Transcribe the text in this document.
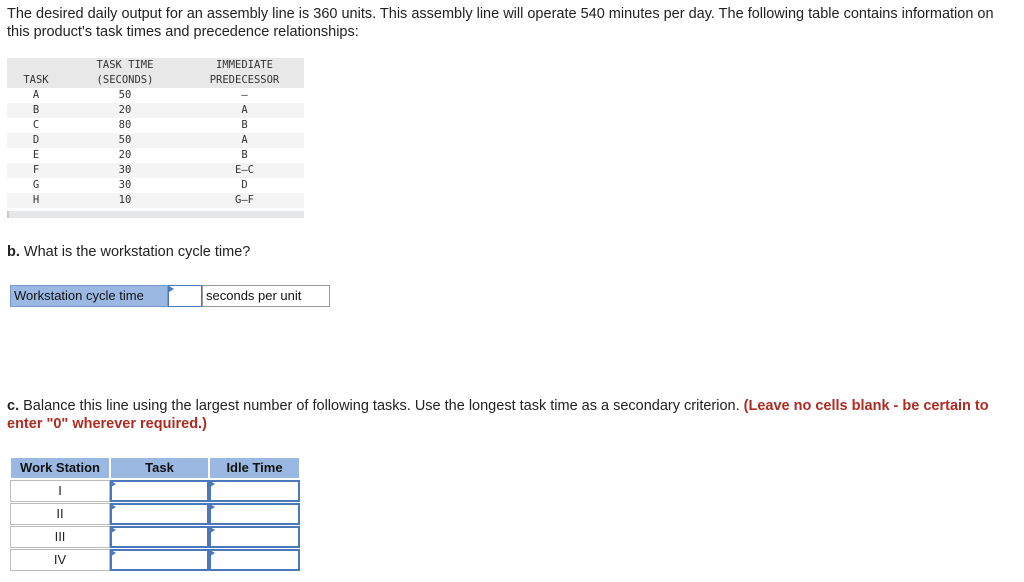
The desired daily output for an assembly line is 360 units. This assembly line will operate 540 minutes per day. The following table contains information on this product's task times and precedence relationships:
	TASK TIME	IMMEDIATE
TASK	(SECONDS)	PREDECESSOR
A	50	—
B	20	A
C	80	B
D	50	A
E	20	B
F	30	E–C
G	30	D
H	10	G–F
b. What is the workstation cycle time?
Workstation cycle time	seconds per unit
c. Balance this line using the largest number of following tasks. Use the longest task time as a secondary criterion. (Leave no cells blank - be certain to enter "0" wherever required.)
Work Station	Task	Idle Time
I
II
III
IV
